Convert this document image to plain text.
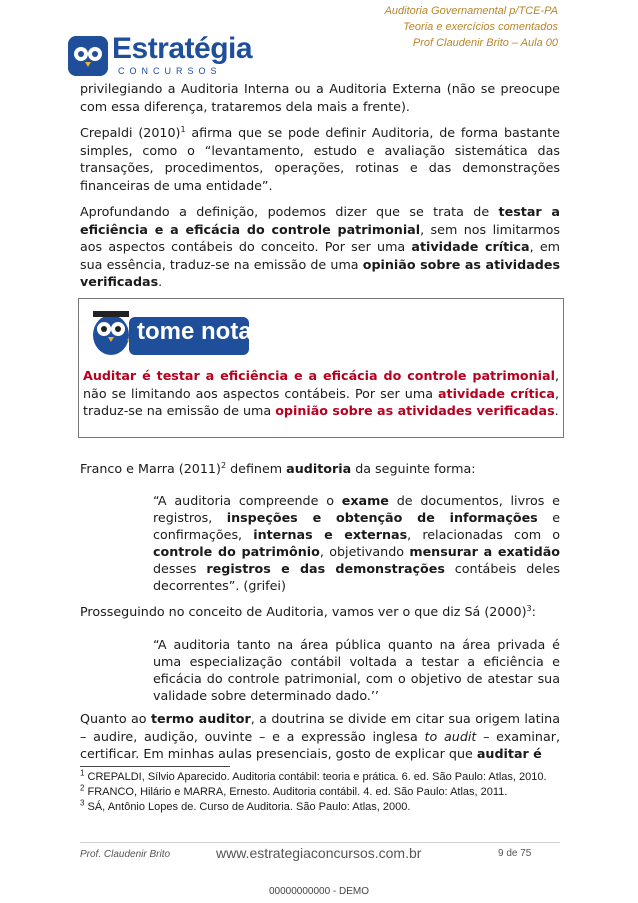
Estratégia
CONCURSOS
Auditoria Governamental p/TCE-PA
Teoria e exercícios comentados
Prof Claudenir Brito – Aula 00

privilegiando a Auditoria Interna ou a Auditoria Externa (não se preocupe com essa diferença, trataremos dela mais a frente).

Crepaldi $(2010)^1$ afirma que se pode definir Auditoria, de forma bastante simples, como o “levantamento, estudo e avaliação sistemática das transações, procedimentos, operações, rotinas e das demonstrações financeiras de uma entidade”.

Aprofundando a definição, podemos dizer que se trata de testar a eficiência e a eficácia do controle patrimonial, sem nos limitarmos aos aspectos contábeis do conceito. Por ser uma atividade crítica, em sua essência, traduz-se na emissão de uma opinião sobre as atividades verificadas.

tome nota!
Auditar é testar a eficiência e a eficácia do controle patrimonial, não se limitando aos aspectos contábeis. Por ser uma atividade crítica, traduz-se na emissão de uma opinião sobre as atividades verificadas.

Franco e Marra $(2011)^2$ definem auditoria da seguinte forma:

“A auditoria compreende o exame de documentos, livros e registros, inspeções e obtenção de informações e confirmações, internas e externas, relacionadas com o controle do patrimônio, objetivando mensurar a exatidão desses registros e das demonstrações contábeis deles decorrentes”. (grifei)

Prosseguindo no conceito de Auditoria, vamos ver o que diz Sá $(2000)^3$:

“A auditoria tanto na área pública quanto na área privada é uma especialização contábil voltada a testar a eficiência e eficácia do controle patrimonial, com o objetivo de atestar sua validade sobre determinado dado.’’

Quanto ao termo auditor, a doutrina se divide em citar sua origem latina – audire, audição, ouvinte – e a expressão inglesa to audit – examinar, certificar. Em minhas aulas presenciais, gosto de explicar que auditar é

$^1$ CREPALDI, Sílvio Aparecido. Auditoria contábil: teoria e prática. 6. ed. São Paulo: Atlas, 2010.
$^2$ FRANCO, Hilário e MARRA, Ernesto. Auditoria contábil. 4. ed. São Paulo: Atlas, 2011.
$^3$ SÁ, Antônio Lopes de. Curso de Auditoria. São Paulo: Atlas, 2000.
Prof. Claudenir Brito	www.estrategiaconcursos.com.br	9 de 75
00000000000 - DEMO
